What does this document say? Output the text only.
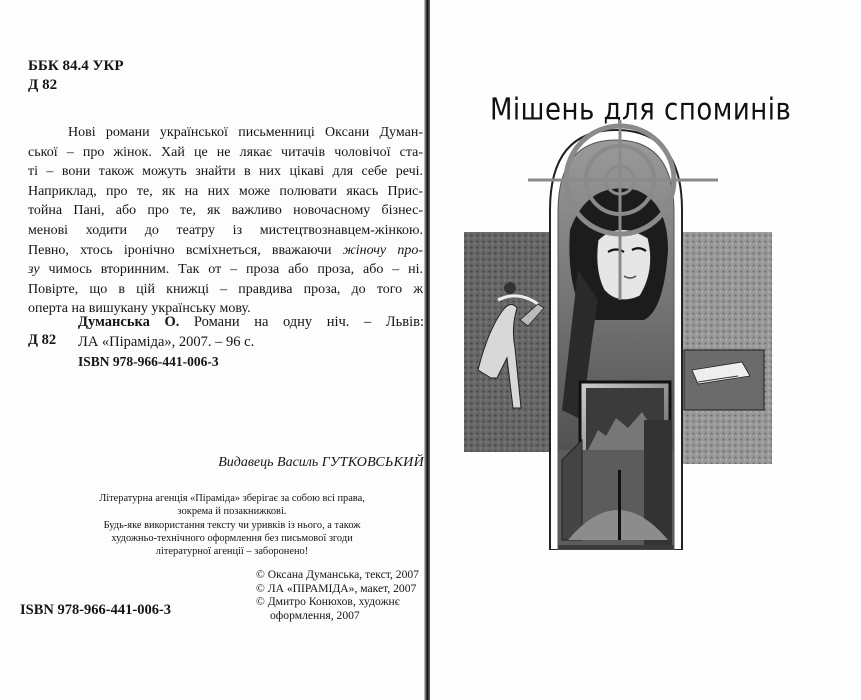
ББК 84.4 УКР
Д 82
Нові романи української письменниці Оксани Думан-
ської – про жінок. Хай це не лякає читачів чоловічої ста-
ті – вони також можуть знайти в них цікаві для себе речі.
Наприклад, про те, як на них може полювати якась Прис-
тойна Пані, або про те, як важливо новочасному бізнес-
менові ходити до театру із мистецтвознавцем-жінкою.
Певно, хтось іронічно всміхнеться, вважаючи жіночу про-
зу чимось вторинним. Так от – проза або проза, або – ні.
Повірте, що в цій книжці – правдива проза, до того ж
оперта на вишукану українську мову.
Д 82
Думанська О. Романи на одну ніч. – Львів:
ЛА «Піраміда», 2007. – 96 с.
ISBN 978-966-441-006-3
Видавець Василь ГУТКОВСЬКИЙ
Літературна агенція «Піраміда» зберігає за собою всі права,
зокрема й позакнижкові.
Будь-яке використання тексту чи уривків із нього, а також
художньо-технічного оформлення без письмової згоди
літературної агенції – заборонено!
© Оксана Думанська, текст, 2007
© ЛА «ПІРАМІДА», макет, 2007
© Дмитро Конюхов, художнє
оформлення, 2007
ISBN 978-966-441-006-3
Мішень для споминів
